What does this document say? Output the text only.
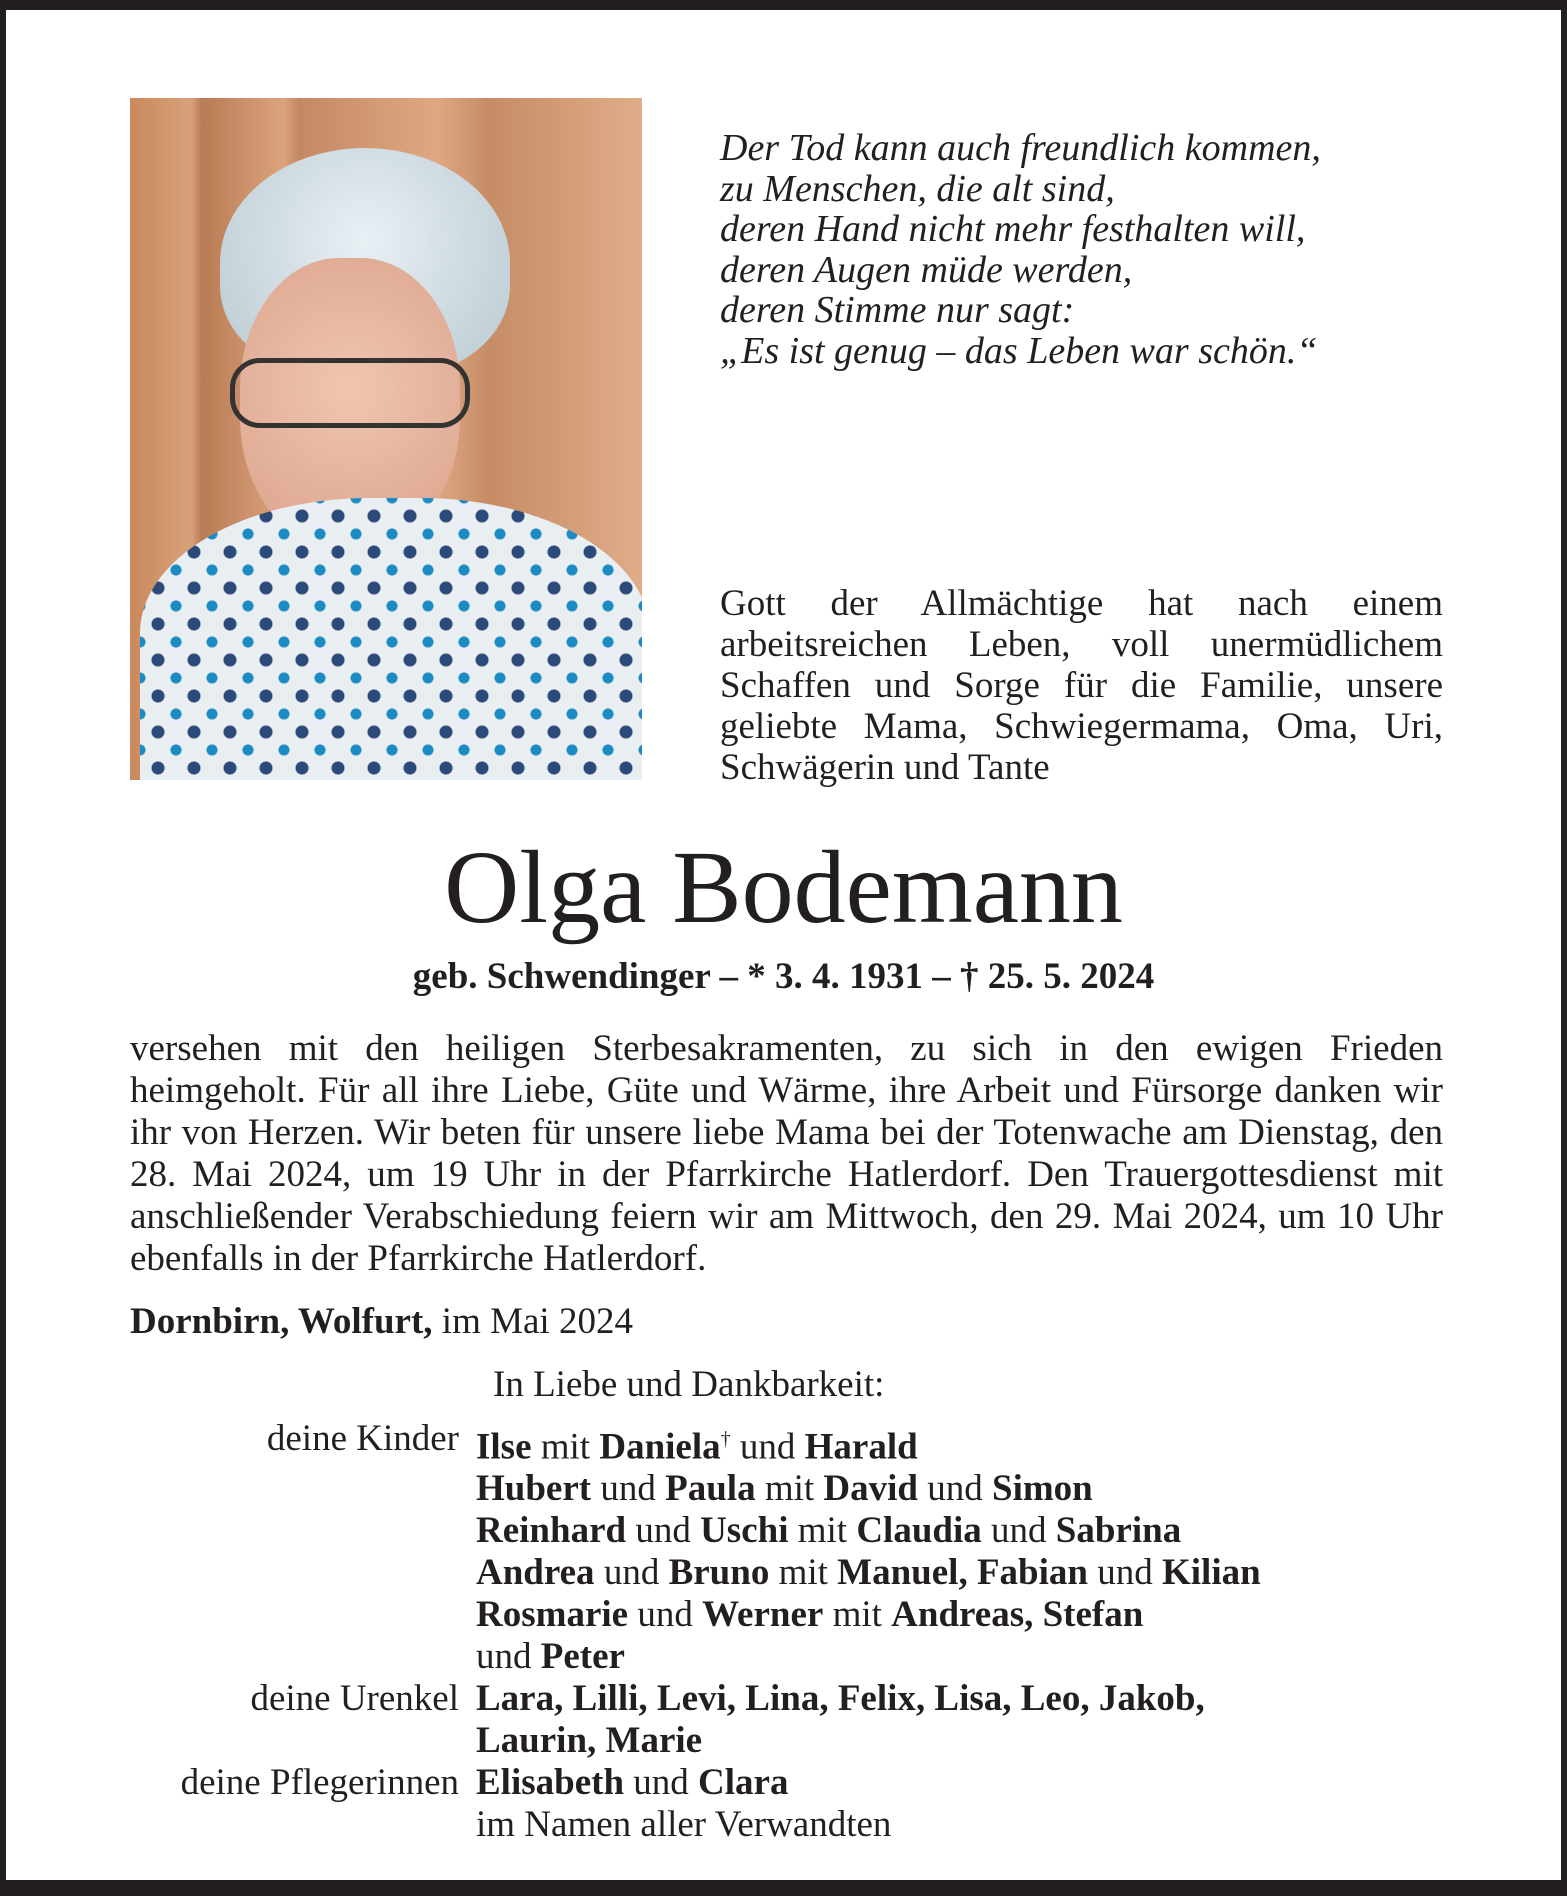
Der Tod kann auch freundlich kommen,
zu Menschen, die alt sind,
deren Hand nicht mehr festhalten will,
deren Augen müde werden,
deren Stimme nur sagt:
„Es ist genug – das Leben war schön.“
Gott der Allmächtige hat nach einem arbeitsreichen Leben, voll unermüdlichem Schaffen und Sorge für die Familie, unsere geliebte Mama, Schwiegermama, Oma, Uri, Schwägerin und Tante
Olga Bodemann
geb. Schwendinger – * 3. 4. 1931 – † 25. 5. 2024
versehen mit den heiligen Sterbesakramenten, zu sich in den ewigen Frieden heimgeholt. Für all ihre Liebe, Güte und Wärme, ihre Arbeit und Fürsorge danken wir ihr von Herzen. Wir beten für unsere liebe Mama bei der Totenwache am Dienstag, den 28. Mai 2024, um 19 Uhr in der Pfarrkirche Hatlerdorf. Den Trauergottesdienst mit anschließender Verabschiedung feiern wir am Mittwoch, den 29. Mai 2024, um 10 Uhr ebenfalls in der Pfarrkirche Hatlerdorf.
Dornbirn, Wolfurt, im Mai 2024
In Liebe und Dankbarkeit:
deine Kinder Ilse mit Daniela† und Harald
Hubert und Paula mit David und Simon
Reinhard und Uschi mit Claudia und Sabrina
Andrea und Bruno mit Manuel, Fabian und Kilian
Rosmarie und Werner mit Andreas, Stefan
und Peter
deine Urenkel Lara, Lilli, Levi, Lina, Felix, Lisa, Leo, Jakob,
Laurin, Marie
deine Pflegerinnen Elisabeth und Clara
im Namen aller Verwandten
